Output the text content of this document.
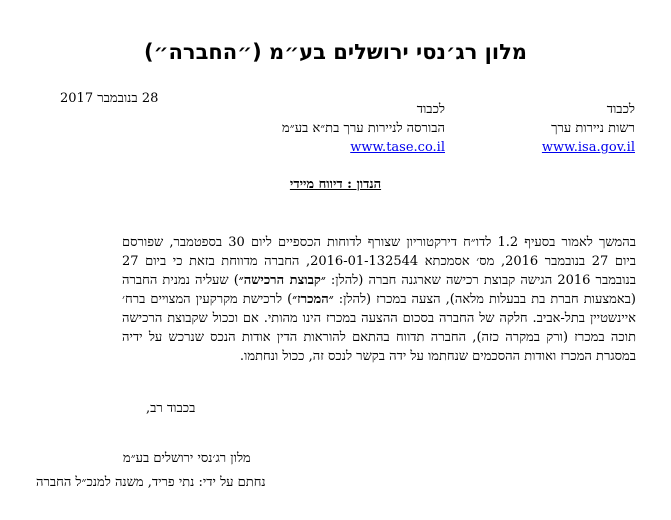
מלון רג׳נסי ירושלים בע״מ (״החברה״)
28 בנובמבר 2017
לכבוד
הבורסה לניירות ערך בת״א בע״מ
www.tase.co.il
לכבוד
רשות ניירות ערך
www.isa.gov.il
הנדון : דיווח מיידי

בהמשך לאמור בסעיף 1.2 לדו״ח דירקטוריון שצורף לדוחות הכספיים ליום 30 בספטמבר, שפורסם ביום 27 בנובמבר 2016, מס׳ אסמכתא 2016-01-132544, החברה מדווחת בזאת כי ביום 27 בנובמבר 2016 הגישה קבוצת רכישה שארגנה חברה (להלן: ״קבוצת הרכישה״) שעליה נמנית החברה (באמצעות חברת בת בבעלות מלאה), הצעה במכרז (להלן: ״המכרז״) לרכישת מקרקעין המצויים ברח׳ איינשטיין בתל-אביב. חלקה של החברה בסכום ההצעה במכרז הינו מהותי. אם וככול שקבוצת הרכישה תוכה במכרז (ורק במקרה כזה), החברה תדווח בהתאם להוראות הדין אודות הנכס שנרכש על ידיה במסגרת המכרז ואודות ההסכמים שנחתמו על ידה בקשר לנכס זה, ככול ונחתמו.

בכבוד רב,
מלון רג׳נסי ירושלים בע״מ
נחתם על ידי: נתי פריד, משנה למנכ״ל החברה
